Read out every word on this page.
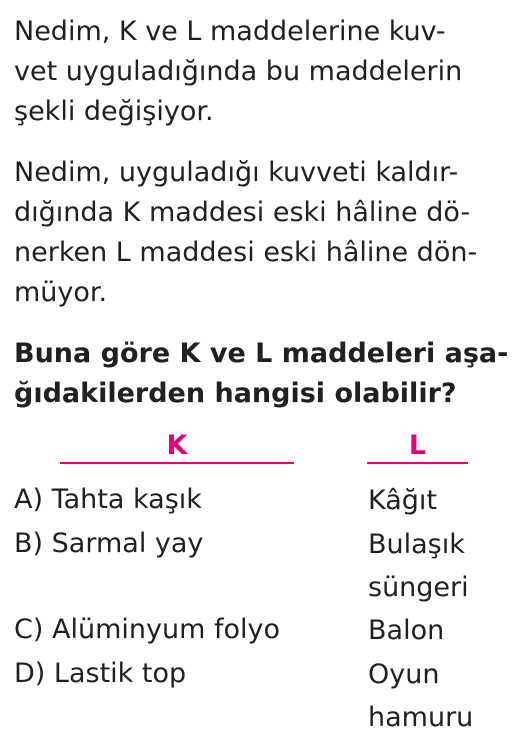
Nedim, K ve L maddelerine kuv-
vet uyguladığında bu maddelerin
şekli değişiyor.
Nedim, uyguladığı kuvveti kaldır-
dığında K maddesi eski hâline dö-
nerken L maddesi eski hâline dön-
müyor.
Buna göre K ve L maddeleri aşa-
ğıdakilerden hangisi olabilir?
K	L
A) Tahta kaşık	Kâğıt
B) Sarmal yay	Bulaşık
süngeri
C) Alüminyum folyo	Balon
D) Lastik top	Oyun
hamuru
